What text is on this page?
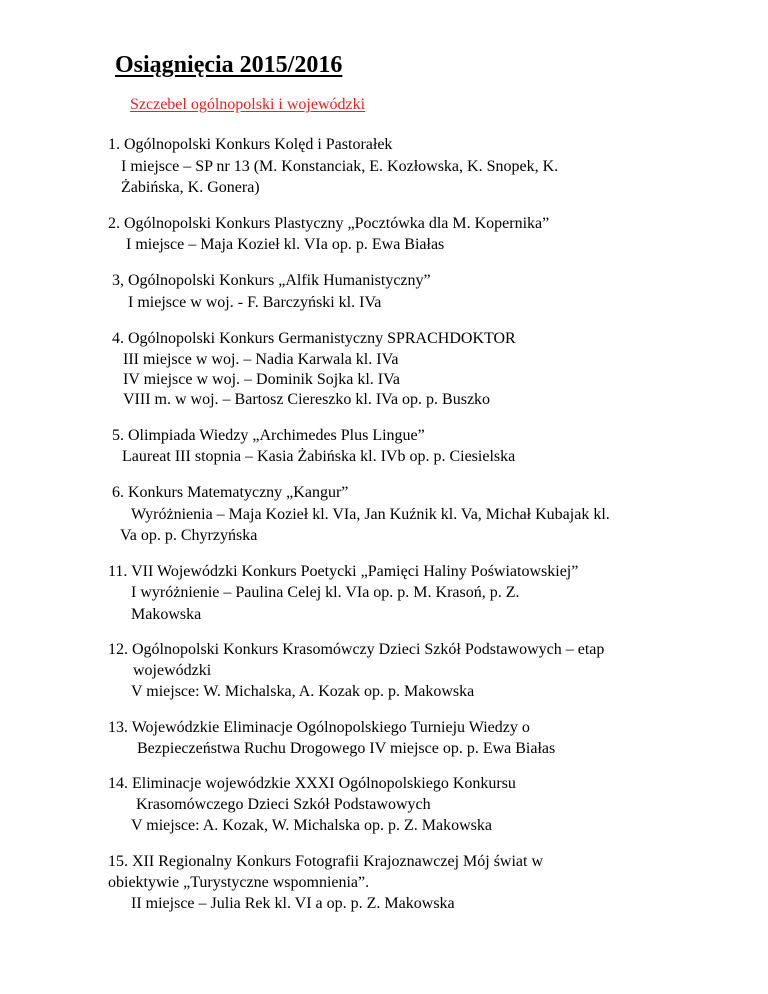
Osiągnięcia 2015/2016
Szczebel ogólnopolski i wojewódzki
1. Ogólnopolski Konkurs Kolęd i Pastorałek
I miejsce – SP nr 13 (M. Konstanciak, E. Kozłowska, K. Snopek, K.
Żabińska, K. Gonera)
2. Ogólnopolski Konkurs Plastyczny „Pocztówka dla M. Kopernika”
I miejsce – Maja Kozieł kl. VIa op. p. Ewa Białas
3, Ogólnopolski Konkurs „Alfik Humanistyczny”
I miejsce w woj. - F. Barczyński kl. IVa
4. Ogólnopolski Konkurs Germanistyczny SPRACHDOKTOR
III miejsce w woj. – Nadia Karwala kl. IVa
IV miejsce w woj. – Dominik Sojka kl. IVa
VIII m. w woj. – Bartosz Ciereszko kl. IVa op. p. Buszko
5. Olimpiada Wiedzy „Archimedes Plus Lingue”
Laureat III stopnia – Kasia Żabińska kl. IVb op. p. Ciesielska
6. Konkurs Matematyczny „Kangur”
Wyróżnienia – Maja Kozieł kl. VIa, Jan Kuźnik kl. Va, Michał Kubajak kl.
Va op. p. Chyrzyńska
11. VII Wojewódzki Konkurs Poetycki „Pamięci Haliny Poświatowskiej”
I wyróżnienie – Paulina Celej kl. VIa op. p. M. Krasoń, p. Z.
Makowska
12. Ogólnopolski Konkurs Krasomówczy Dzieci Szkół Podstawowych – etap
wojewódzki
V miejsce: W. Michalska, A. Kozak op. p. Makowska
13. Wojewódzkie Eliminacje Ogólnopolskiego Turnieju Wiedzy o
Bezpieczeństwa Ruchu Drogowego IV miejsce op. p. Ewa Białas
14. Eliminacje wojewódzkie XXXI Ogólnopolskiego Konkursu
Krasomówczego Dzieci Szkół Podstawowych
V miejsce: A. Kozak, W. Michalska op. p. Z. Makowska
15. XII Regionalny Konkurs Fotografii Krajoznawczej Mój świat w
obiektywie „Turystyczne wspomnienia”.
II miejsce – Julia Rek kl. VI a op. p. Z. Makowska
